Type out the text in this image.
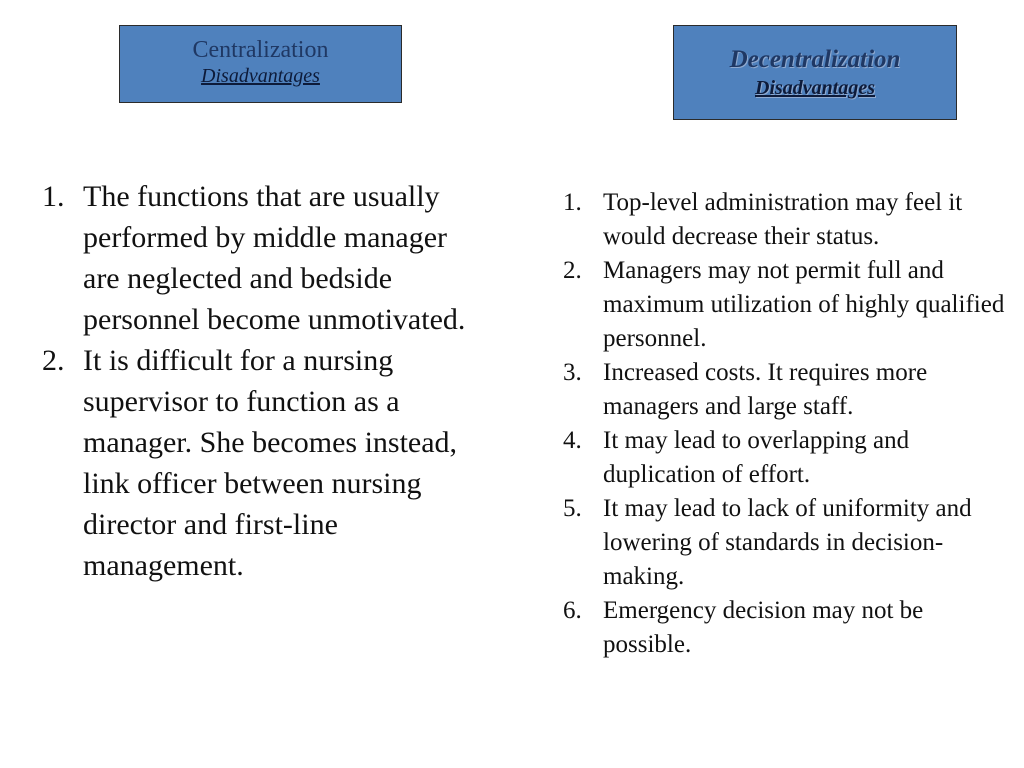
Centralization
Disadvantages
Decentralization
Disadvantages
1. The functions that are usually performed by middle manager are neglected and bedside personnel become unmotivated.
2. It is difficult for a nursing supervisor to function as a manager. She becomes instead, link officer between nursing director and first-line management.
1. Top-level administration may feel it would decrease their status.
2. Managers may not permit full and maximum utilization of highly qualified personnel.
3. Increased costs. It requires more managers and large staff.
4. It may lead to overlapping and duplication of effort.
5. It may lead to lack of uniformity and lowering of standards in decision-making.
6. Emergency decision may not be possible.
